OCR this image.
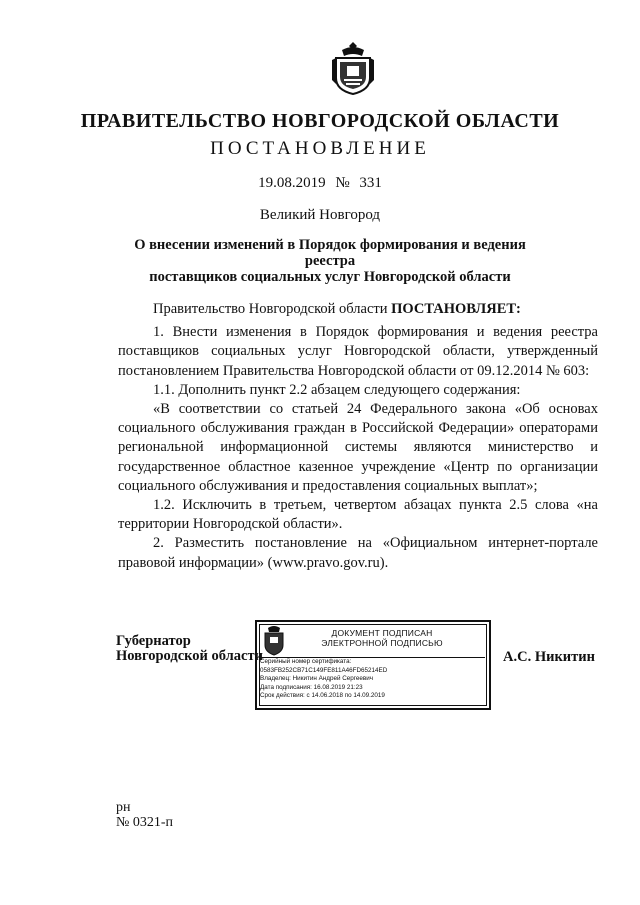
ПРАВИТЕЛЬСТВО НОВГОРОДСКОЙ ОБЛАСТИ
ПОСТАНОВЛЕНИЕ
19.08.2019 № 331
Великий Новгород
О внесении изменений в Порядок формирования и ведения реестра
поставщиков социальных услуг Новгородской области

Правительство Новгородской области ПОСТАНОВЛЯЕТ:

1. Внести изменения в Порядок формирования и ведения реестра поставщиков социальных услуг Новгородской области, утвержденный постановлением Правительства Новгородской области от 09.12.2014 № 603:

1.1. Дополнить пункт 2.2 абзацем следующего содержания:

«В соответствии со статьей 24 Федерального закона «Об основах социального обслуживания граждан в Российской Федерации» операторами региональной информационной системы являются министерство и государственное областное казенное учреждение «Центр по организации социального обслуживания и предоставления социальных выплат»;

1.2. Исключить в третьем, четвертом абзацах пункта 2.5 слова «на территории Новгородской области».

2. Разместить постановление на «Официальном интернет-портале правовой информации» (www.pravo.gov.ru).

Губернатор
Новгородской области
ДОКУМЕНТ ПОДПИСАН
ЭЛЕКТРОННОЙ ПОДПИСЬЮ
Серийный номер сертификата:
0583FB252CB71C149FE811A46FD65214ED
Владелец: Никитин Андрей Сергеевич
Дата подписания: 16.08.2019 21:23
Срок действия: с 14.06.2018 по 14.09.2019
А.С. Никитин
рн
№ 0321-п
